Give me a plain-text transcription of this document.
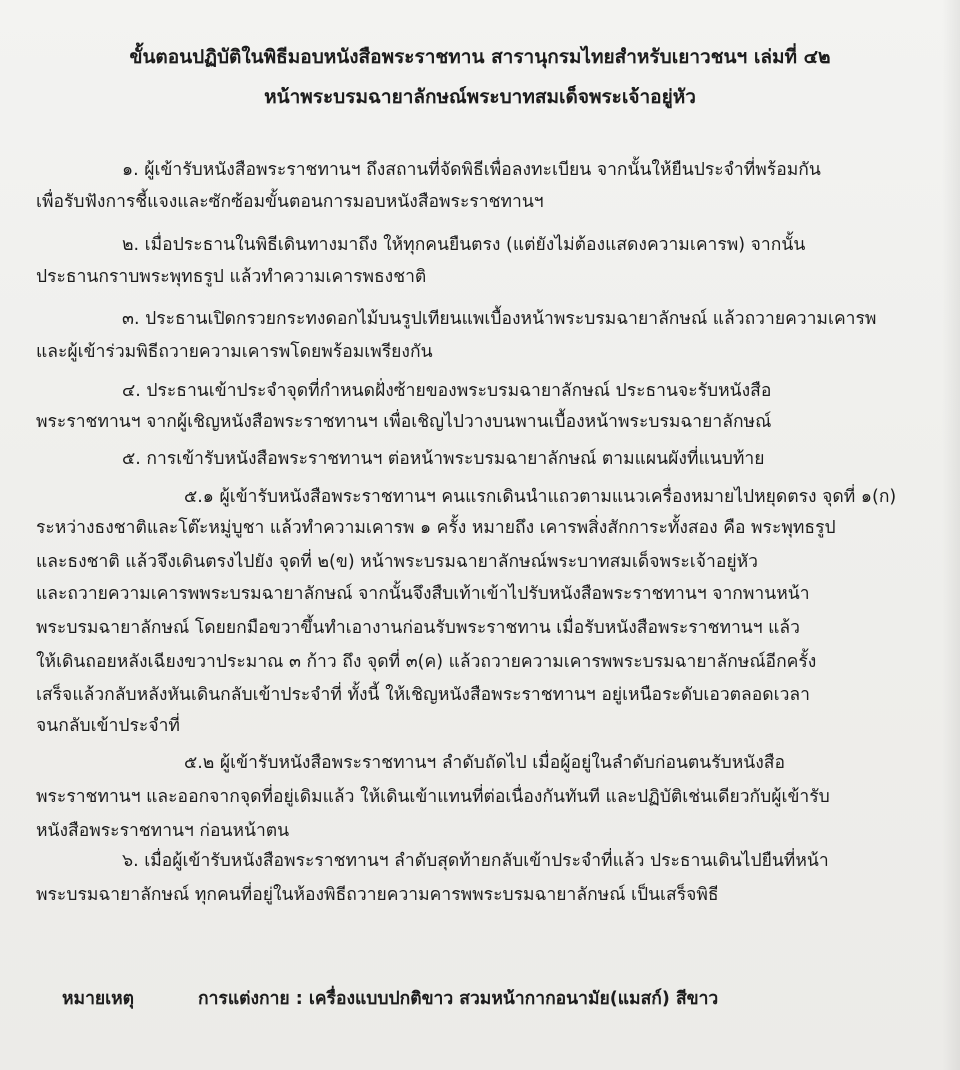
ขั้นตอนปฏิบัติในพิธีมอบหนังสือพระราชทาน สารานุกรมไทยสำหรับเยาวชนฯ เล่มที่ ๔๒
หน้าพระบรมฉายาลักษณ์พระบาทสมเด็จพระเจ้าอยู่หัว
๑. ผู้เข้ารับหนังสือพระราชทานฯ ถึงสถานที่จัดพิธีเพื่อลงทะเบียน จากนั้นให้ยืนประจำที่พร้อมกัน
เพื่อรับฟังการชี้แจงและซักซ้อมขั้นตอนการมอบหนังสือพระราชทานฯ
๒. เมื่อประธานในพิธีเดินทางมาถึง ให้ทุกคนยืนตรง (แต่ยังไม่ต้องแสดงความเคารพ) จากนั้น
ประธานกราบพระพุทธรูป แล้วทำความเคารพธงชาติ
๓. ประธานเปิดกรวยกระทงดอกไม้บนรูปเทียนแพเบื้องหน้าพระบรมฉายาลักษณ์ แล้วถวายความเคารพ
และผู้เข้าร่วมพิธีถวายความเคารพโดยพร้อมเพรียงกัน
๔. ประธานเข้าประจำจุดที่กำหนดฝั่งซ้ายของพระบรมฉายาลักษณ์ ประธานจะรับหนังสือ
พระราชทานฯ จากผู้เชิญหนังสือพระราชทานฯ เพื่อเชิญไปวางบนพานเบื้องหน้าพระบรมฉายาลักษณ์
๕. การเข้ารับหนังสือพระราชทานฯ ต่อหน้าพระบรมฉายาลักษณ์ ตามแผนผังที่แนบท้าย
๕.๑ ผู้เข้ารับหนังสือพระราชทานฯ คนแรกเดินนำแถวตามแนวเครื่องหมายไปหยุดตรง จุดที่ ๑(ก)
ระหว่างธงชาติและโต๊ะหมู่บูชา แล้วทำความเคารพ ๑ ครั้ง หมายถึง เคารพสิ่งสักการะทั้งสอง คือ พระพุทธรูป
และธงชาติ แล้วจึงเดินตรงไปยัง จุดที่ ๒(ข) หน้าพระบรมฉายาลักษณ์พระบาทสมเด็จพระเจ้าอยู่หัว
และถวายความเคารพพระบรมฉายาลักษณ์ จากนั้นจึงสืบเท้าเข้าไปรับหนังสือพระราชทานฯ จากพานหน้า
พระบรมฉายาลักษณ์ โดยยกมือขวาขึ้นทำเอางานก่อนรับพระราชทาน เมื่อรับหนังสือพระราชทานฯ แล้ว
ให้เดินถอยหลังเฉียงขวาประมาณ ๓ ก้าว ถึง จุดที่ ๓(ค) แล้วถวายความเคารพพระบรมฉายาลักษณ์อีกครั้ง
เสร็จแล้วกลับหลังหันเดินกลับเข้าประจำที่ ทั้งนี้ ให้เชิญหนังสือพระราชทานฯ อยู่เหนือระดับเอวตลอดเวลา
จนกลับเข้าประจำที่
๕.๒ ผู้เข้ารับหนังสือพระราชทานฯ ลำดับถัดไป เมื่อผู้อยู่ในลำดับก่อนตนรับหนังสือ
พระราชทานฯ และออกจากจุดที่อยู่เดิมแล้ว ให้เดินเข้าแทนที่ต่อเนื่องกันทันที และปฏิบัติเช่นเดียวกับผู้เข้ารับ
หนังสือพระราชทานฯ ก่อนหน้าตน
๖. เมื่อผู้เข้ารับหนังสือพระราชทานฯ ลำดับสุดท้ายกลับเข้าประจำที่แล้ว ประธานเดินไปยืนที่หน้า
พระบรมฉายาลักษณ์ ทุกคนที่อยู่ในห้องพิธีถวายความคารพพระบรมฉายาลักษณ์ เป็นเสร็จพิธี
หมายเหตุ	การแต่งกาย : เครื่องแบบปกติขาว สวมหน้ากากอนามัย(แมสก์) สีขาว
